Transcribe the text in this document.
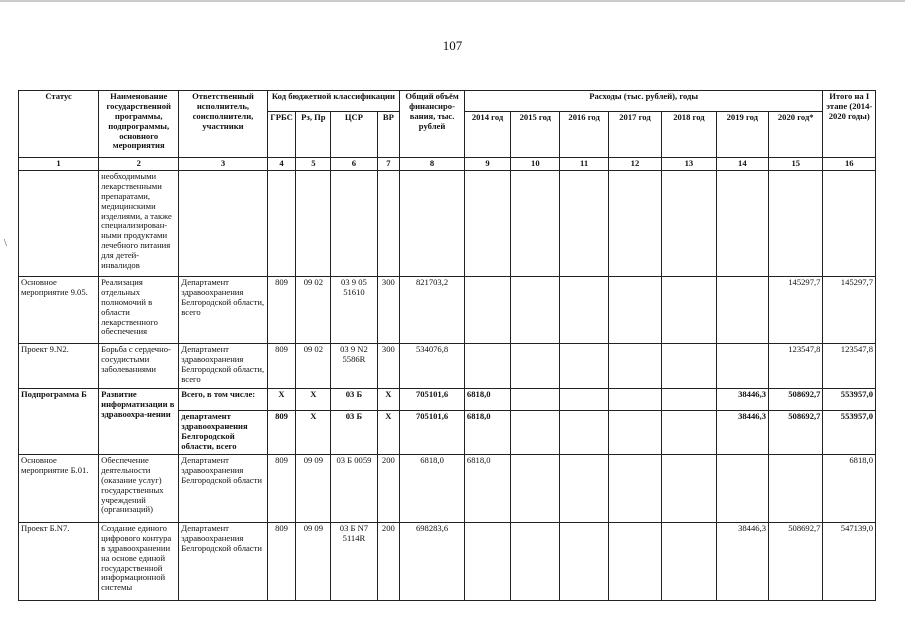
107
\
Статус	Наименование государственной программы, подпрограммы, основного мероприятия	Ответственный исполнитель, соисполнители, участники	Код бюджетной классификации				Общий объём финансиро-вания, тыс. рублей	Расходы (тыс. рублей), годы							Итого на I этапе (2014-2020 годы)
			ГРБС	Рз, Пр	ЦСР	ВР		2014 год	2015 год	2016 год	2017 год	2018 год	2019 год	2020 год*	
1	2	3	4	5	6	7	8	9	10	11	12	13	14	15	16
	необходимыми лекарственными препаратами, медицинскими изделиями, а также специализирован-ными продуктами лечебного питания для детей-инвалидов														
Основное мероприятие 9.05.	Реализация отдельных полномочий в области лекарственного обеспечения	Департамент здравоохранения Белгородской области, всего	809	09 02	03 9 05 51610	300	821703,2							145297,7	145297,7
Проект 9.N2.	Борьба с сердечно-сосудистыми заболеваниями	Департамент здравоохранения Белгородской области, всего	809	09 02	03 9 N2 5586R	300	534076,8							123547,8	123547,8
Подпрограмма Б	Развитие информатизации в здравоохра-нении	Всего, в том числе:	X	X	03 Б	X	705101,6	6818,0					38446,3	508692,7	553957,0
		департамент здравоохранения Белгородской области, всего	809	X	03 Б	X	705101,6	6818,0					38446,3	508692,7	553957,0
Основное мероприятие Б.01.	Обеспечение деятельности (оказание услуг) государственных учреждений (организаций)	Департамент здравоохранения Белгородской области	809	09 09	03 Б 0059	200	6818,0	6818,0							6818,0
Проект Б.N7.	Создание единого цифрового контура в здравоохранении на основе единой государственной информационной системы	Департамент здравоохранения Белгородской области	809	09 09	03 Б N7 5114R	200	698283,6						38446,3	508692,7	547139,0
